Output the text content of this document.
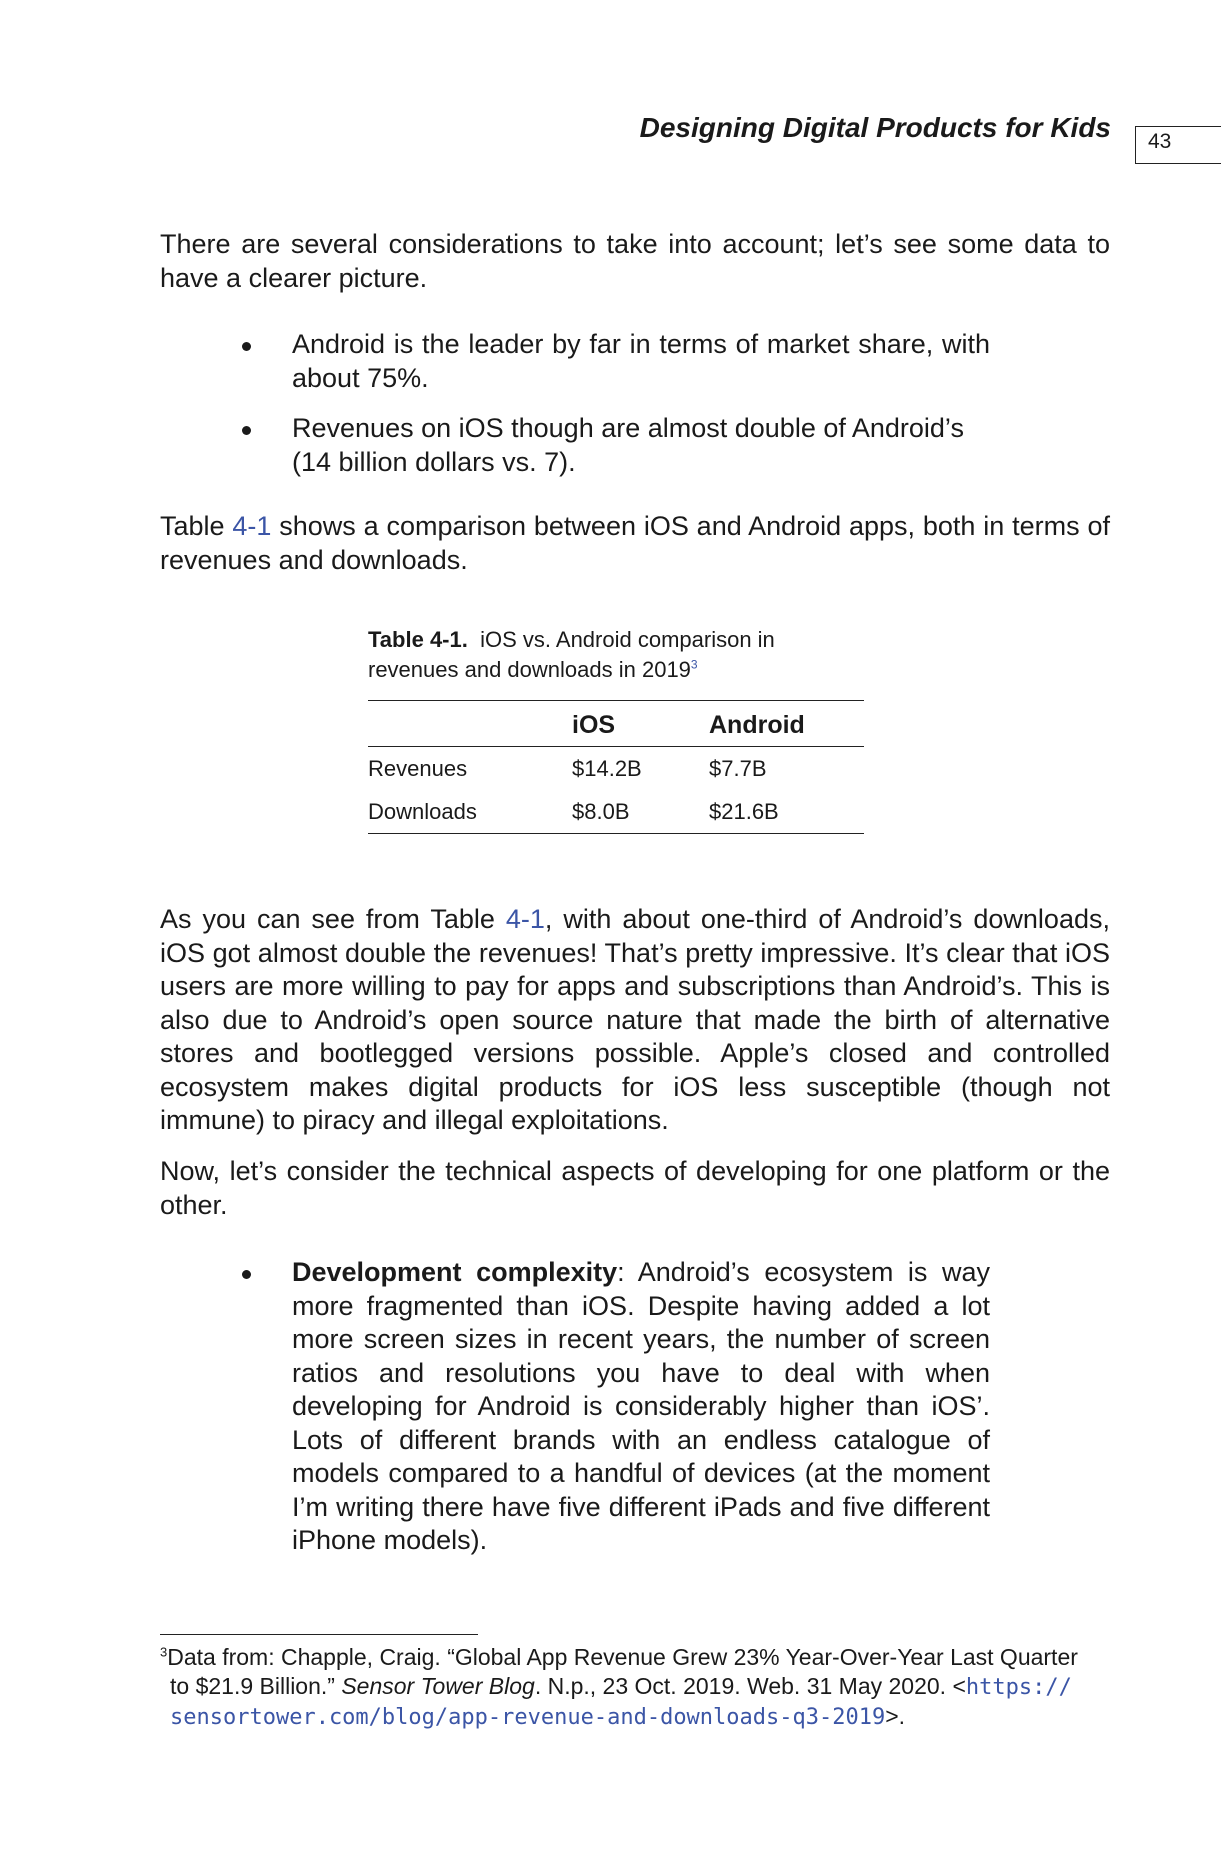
Designing Digital Products for Kids 43

There are several considerations to take into account; let’s see some data to have a clearer picture.

Android is the leader by far in terms of market share, with about 75%.
Revenues on iOS though are almost double of Android’s (14 billion dollars vs. 7).

Table 4-1 shows a comparison between iOS and Android apps, both in terms of revenues and downloads.

Table 4-1. iOS vs. Android comparison in revenues and downloads in 2019$^3$
	iOS	Android
Revenues	$14.2B	$7.7B
Downloads	$8.0B	$21.6B

As you can see from Table 4-1, with about one-third of Android’s downloads, iOS got almost double the revenues! That’s pretty impressive. It’s clear that iOS users are more willing to pay for apps and subscriptions than Android’s. This is also due to Android’s open source nature that made the birth of alternative stores and bootlegged versions possible. Apple’s closed and controlled ecosystem makes digital products for iOS less susceptible (though not immune) to piracy and illegal exploitations.

Now, let’s consider the technical aspects of developing for one platform or the other.

Development complexity: Android’s ecosystem is way more fragmented than iOS. Despite having added a lot more screen sizes in recent years, the number of screen ratios and resolutions you have to deal with when developing for Android is considerably higher than iOS’. Lots of different brands with an endless catalogue of models compared to a handful of devices (at the moment I’m writing there have five different iPads and five different iPhone models).
$^3$Data from: Chapple, Craig. “Global App Revenue Grew 23% Year-Over-Year Last Quarter
to $21.9 Billion.” Sensor Tower Blog. N.p., 23 Oct. 2019. Web. 31 May 2020. <https://
sensortower.com/blog/app-revenue-and-downloads-q3-2019>.
